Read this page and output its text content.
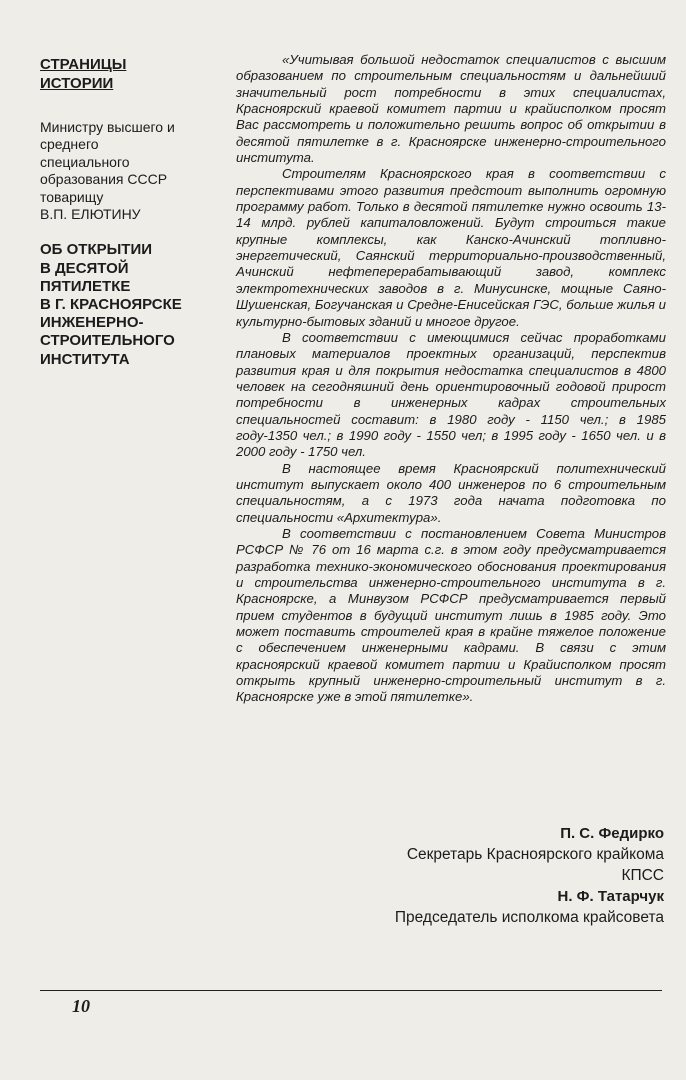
СТРАНИЦЫ
ИСТОРИИ
Министру высшего и
среднего
специального
образования СССР
товарищу
В.П. ЕЛЮТИНУ
ОБ ОТКРЫТИИ
В ДЕСЯТОЙ
ПЯТИЛЕТКЕ
В Г. КРАСНОЯРСКЕ
ИНЖЕНЕРНО-
СТРОИТЕЛЬНОГО
ИНСТИТУТА

«Учитывая большой недостаток специалистов с высшим образованием по строительным специальностям и дальнейший значительный рост потребности в этих специалистах, Красноярский краевой комитет партии и крайисполком просят Вас рассмотреть и положительно решить вопрос об открытии в десятой пятилетке в г. Красноярске инженерно-строительного института.

Строителям Красноярского края в соответствии с перспективами этого развития предстоит выполнить огромную программу работ. Только в десятой пятилетке нужно освоить 13-14 млрд. рублей капиталовложений. Будут строиться такие крупные комплексы, как Канско-Ачинский топливно-энергетический, Саянский территориально-производственный, Ачинский нефтеперерабатывающий завод, комплекс электротехнических заводов в г. Минусинске, мощные Саяно-Шушенская, Богучанская и Средне-Енисейская ГЭС, больше жилья и культурно-бытовых зданий и многое другое.

В соответствии с имеющимися сейчас проработками плановых материалов проектных организаций, перспектив развития края и для покрытия недостатка специалистов в 4800 человек на сегодняшний день ориентировочный годовой прирост потребности в инженерных кадрах строительных специальностей составит: в 1980 году - 1150 чел.; в 1985 году-1350 чел.; в 1990 году - 1550 чел; в 1995 году - 1650 чел. и в 2000 году - 1750 чел.

В настоящее время Красноярский политехнический институт выпускает около 400 инженеров по 6 строительным специальностям, а с 1973 года начата подготовка по специальности «Архитектура».

В соответствии с постановлением Совета Министров РСФСР № 76 от 16 марта с.г. в этом году предусматривается разработка технико-экономического обоснования проектирования и строительства инженерно-строительного института в г. Красноярске, а Минвузом РСФСР предусматривается первый прием студентов в будущий институт лишь в 1985 году. Это может поставить строителей края в крайне тяжелое положение с обеспечением инженерными кадрами. В связи с этим красноярский краевой комитет партии и Крайисполком просят открыть крупный инженерно-строительный институт в г. Красноярске уже в этой пятилетке».

П. С. Федирко
Секретарь Красноярского крайкома
КПСС
Н. Ф. Татарчук
Председатель исполкома крайсовета
10
